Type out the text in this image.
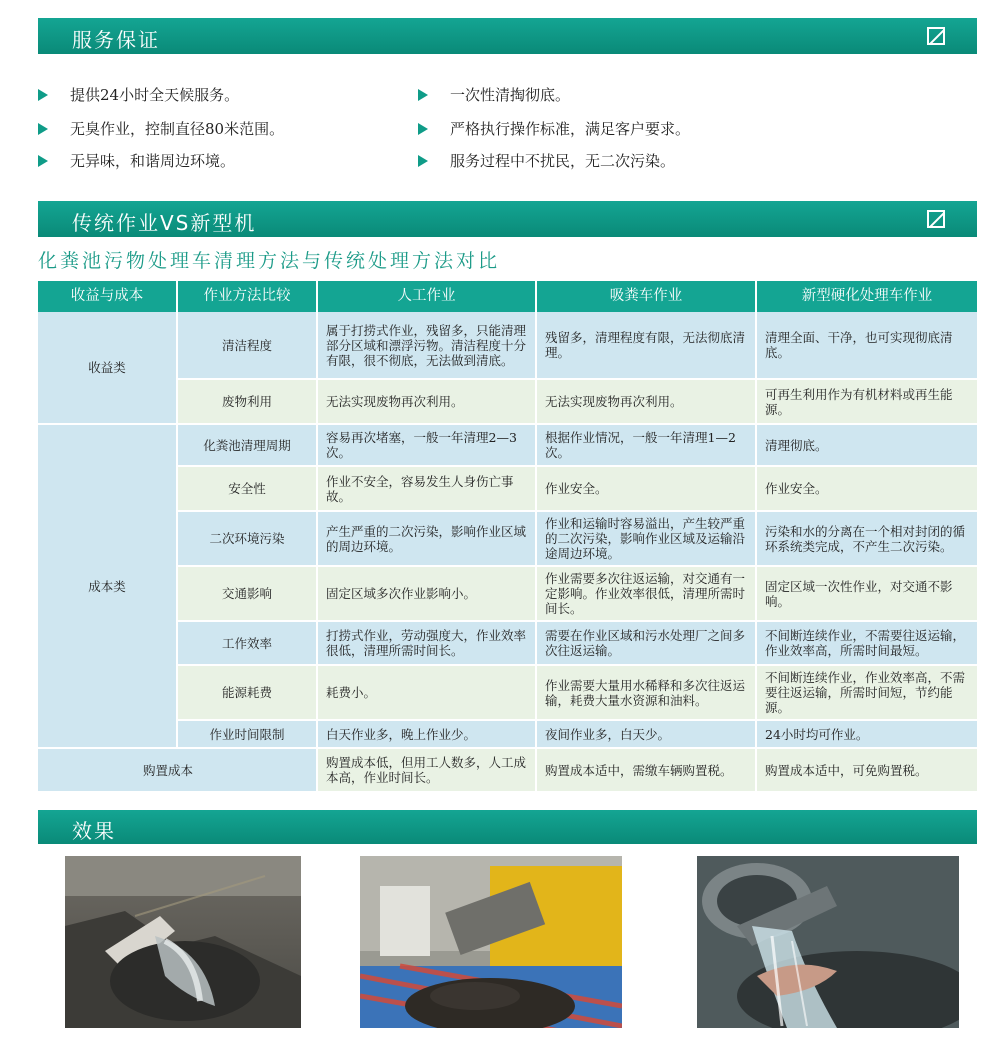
服务保证
提供24小时全天候服务。
无臭作业，控制直径80米范围。
无异味，和谐周边环境。
一次性清掏彻底。
严格执行操作标准，满足客户要求。
服务过程中不扰民，无二次污染。
传统作业VS新型机
化粪池污物处理车清理方法与传统处理方法对比
收益与成本	作业方法比较	人工作业	吸粪车作业	新型硬化处理车作业
收益类	清洁程度	属于打捞式作业，残留多，只能清理部分区域和漂浮污物。清洁程度十分有限，很不彻底，无法做到清底。	残留多，清理程度有限，无法彻底清理。	清理全面、干净，也可实现彻底清底。
	废物利用	无法实现废物再次利用。	无法实现废物再次利用。	可再生利用作为有机材料或再生能源。
成本类	化粪池清理周期	容易再次堵塞，一般一年清理2—3次。	根据作业情况，一般一年清理1—2次。	清理彻底。
	安全性	作业不安全，容易发生人身伤亡事故。	作业安全。	作业安全。
	二次环境污染	产生严重的二次污染，影响作业区域的周边环境。	作业和运输时容易溢出，产生较严重的二次污染，影响作业区域及运输沿途周边环境。	污染和水的分离在一个相对封闭的循环系统类完成，不产生二次污染。
	交通影响	固定区域多次作业影响小。	作业需要多次往返运输，对交通有一定影响。作业效率很低，清理所需时间长。	固定区域一次性作业，对交通不影响。
	工作效率	打捞式作业，劳动强度大，作业效率很低，清理所需时间长。	需要在作业区域和污水处理厂之间多次往返运输。	不间断连续作业，不需要往返运输，作业效率高，所需时间最短。
	能源耗费	耗费小。	作业需要大量用水稀释和多次往返运输，耗费大量水资源和油料。	不间断连续作业，作业效率高，不需要往返运输，所需时间短，节约能源。
	作业时间限制	白天作业多，晚上作业少。	夜间作业多，白天少。	24小时均可作业。
购置成本		购置成本低，但用工人数多，人工成本高，作业时间长。	购置成本适中，需缴车辆购置税。	购置成本适中，可免购置税。
效果
